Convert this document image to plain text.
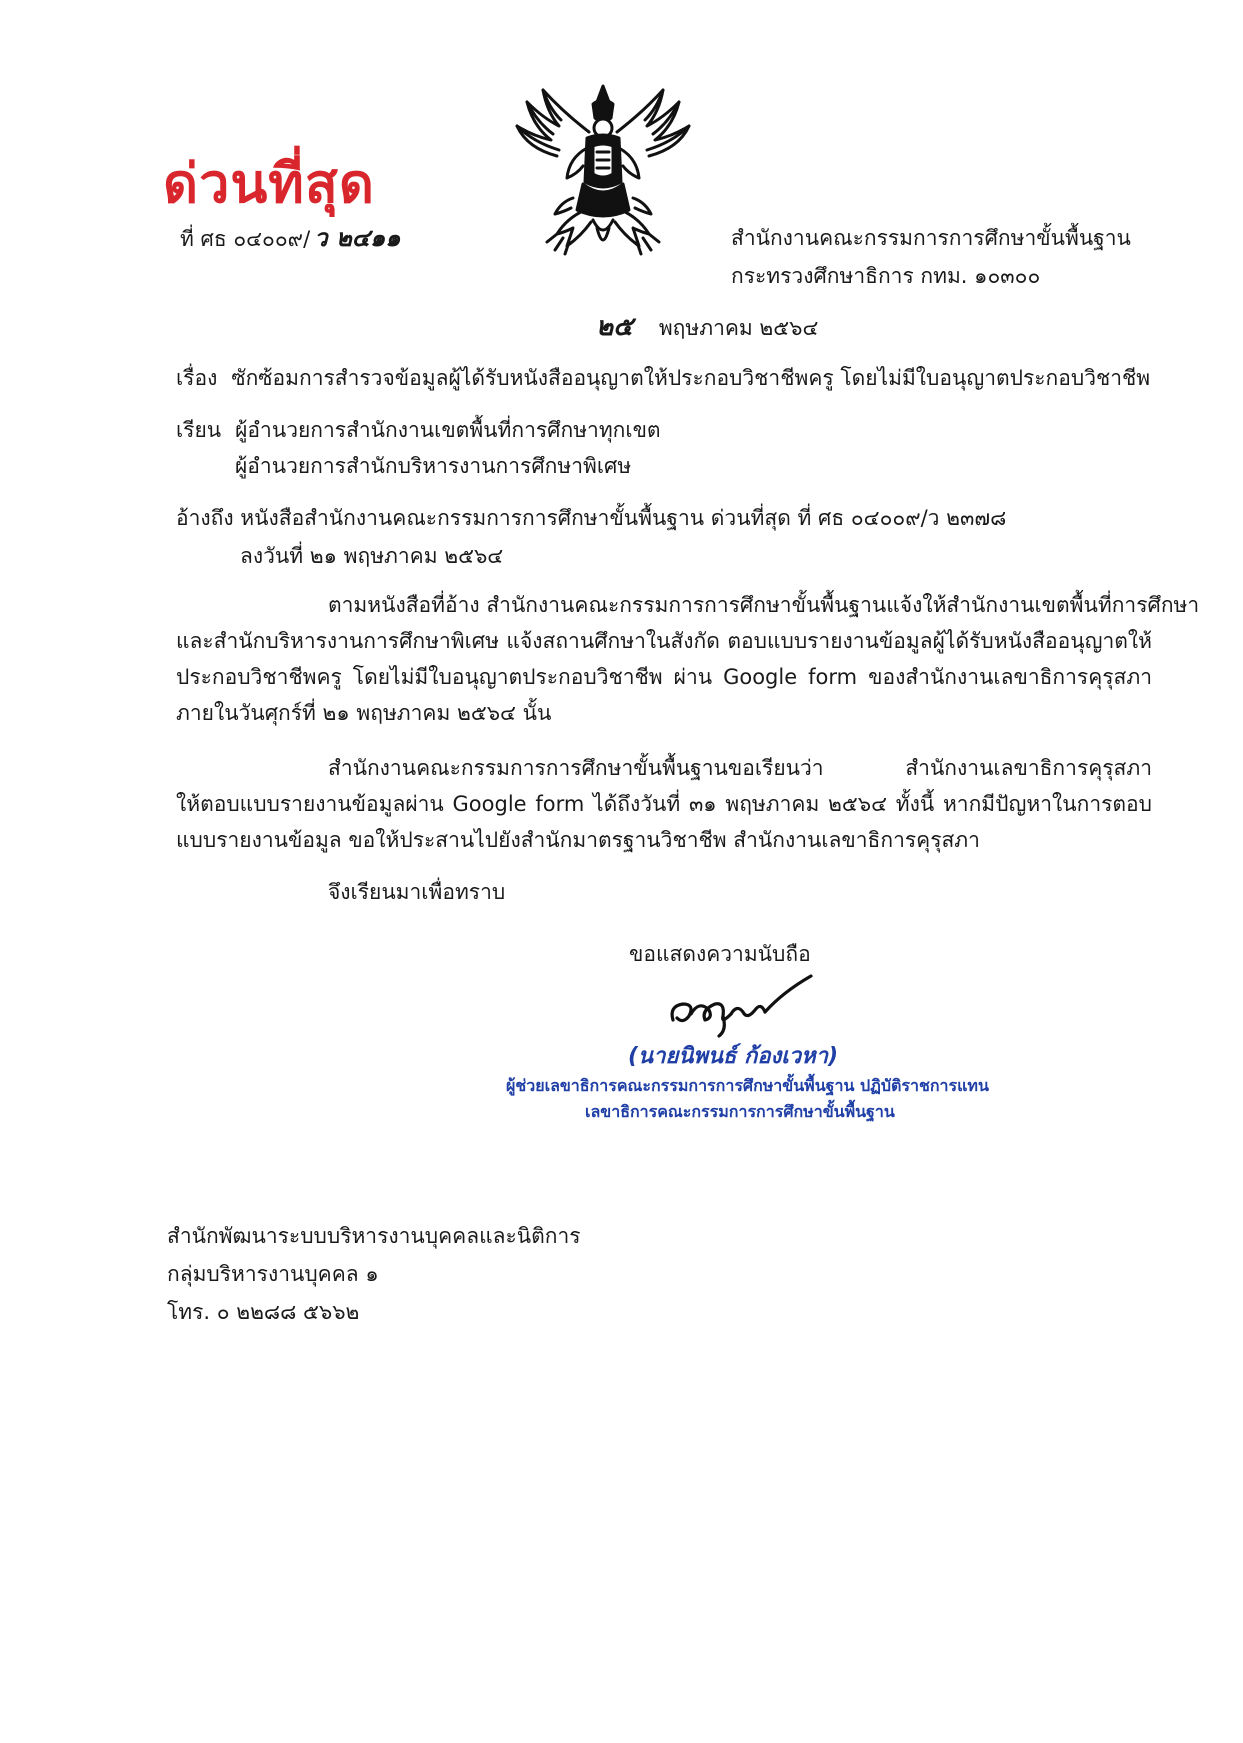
ด่วนที่สุด
ที่ ศธ ๐๔๐๐๙/ ว ๒๔๑๑	สำนักงานคณะกรรมการการศึกษาขั้นพื้นฐาน
กระทรวงศึกษาธิการ กทม. ๑๐๓๐๐
๒๕ พฤษภาคม ๒๕๖๔
เรื่อง ซักซ้อมการสำรวจข้อมูลผู้ได้รับหนังสืออนุญาตให้ประกอบวิชาชีพครู โดยไม่มีใบอนุญาตประกอบวิชาชีพ
เรียน ผู้อำนวยการสำนักงานเขตพื้นที่การศึกษาทุกเขต
ผู้อำนวยการสำนักบริหารงานการศึกษาพิเศษ
อ้างถึง หนังสือสำนักงานคณะกรรมการการศึกษาขั้นพื้นฐาน ด่วนที่สุด ที่ ศธ ๐๔๐๐๙/ว ๒๓๗๘
ลงวันที่ ๒๑ พฤษภาคม ๒๕๖๔
ตามหนังสือที่อ้าง สำนักงานคณะกรรมการการศึกษาขั้นพื้นฐานแจ้งให้สำนักงานเขตพื้นที่การศึกษา
และสำนักบริหารงานการศึกษาพิเศษ แจ้งสถานศึกษาในสังกัด ตอบแบบรายงานข้อมูลผู้ได้รับหนังสืออนุญาตให้
ประกอบวิชาชีพครู โดยไม่มีใบอนุญาตประกอบวิชาชีพ ผ่าน Google form ของสำนักงานเลขาธิการคุรุสภา
ภายในวันศุกร์ที่ ๒๑ พฤษภาคม ๒๕๖๔ นั้น
สำนักงานคณะกรรมการการศึกษาขั้นพื้นฐานขอเรียนว่า สำนักงานเลขาธิการคุรุสภา
ให้ตอบแบบรายงานข้อมูลผ่าน Google form ได้ถึงวันที่ ๓๑ พฤษภาคม ๒๕๖๔ ทั้งนี้ หากมีปัญหาในการตอบ
แบบรายงานข้อมูล ขอให้ประสานไปยังสำนักมาตรฐานวิชาชีพ สำนักงานเลขาธิการคุรุสภา
จึงเรียนมาเพื่อทราบ
ขอแสดงความนับถือ
(นายนิพนธ์ ก้องเวหา)
ผู้ช่วยเลขาธิการคณะกรรมการการศึกษาขั้นพื้นฐาน ปฏิบัติราชการแทน
เลขาธิการคณะกรรมการการศึกษาขั้นพื้นฐาน
สำนักพัฒนาระบบบริหารงานบุคคลและนิติการ
กลุ่มบริหารงานบุคคล ๑
โทร. ๐ ๒๒๘๘ ๕๖๖๒
